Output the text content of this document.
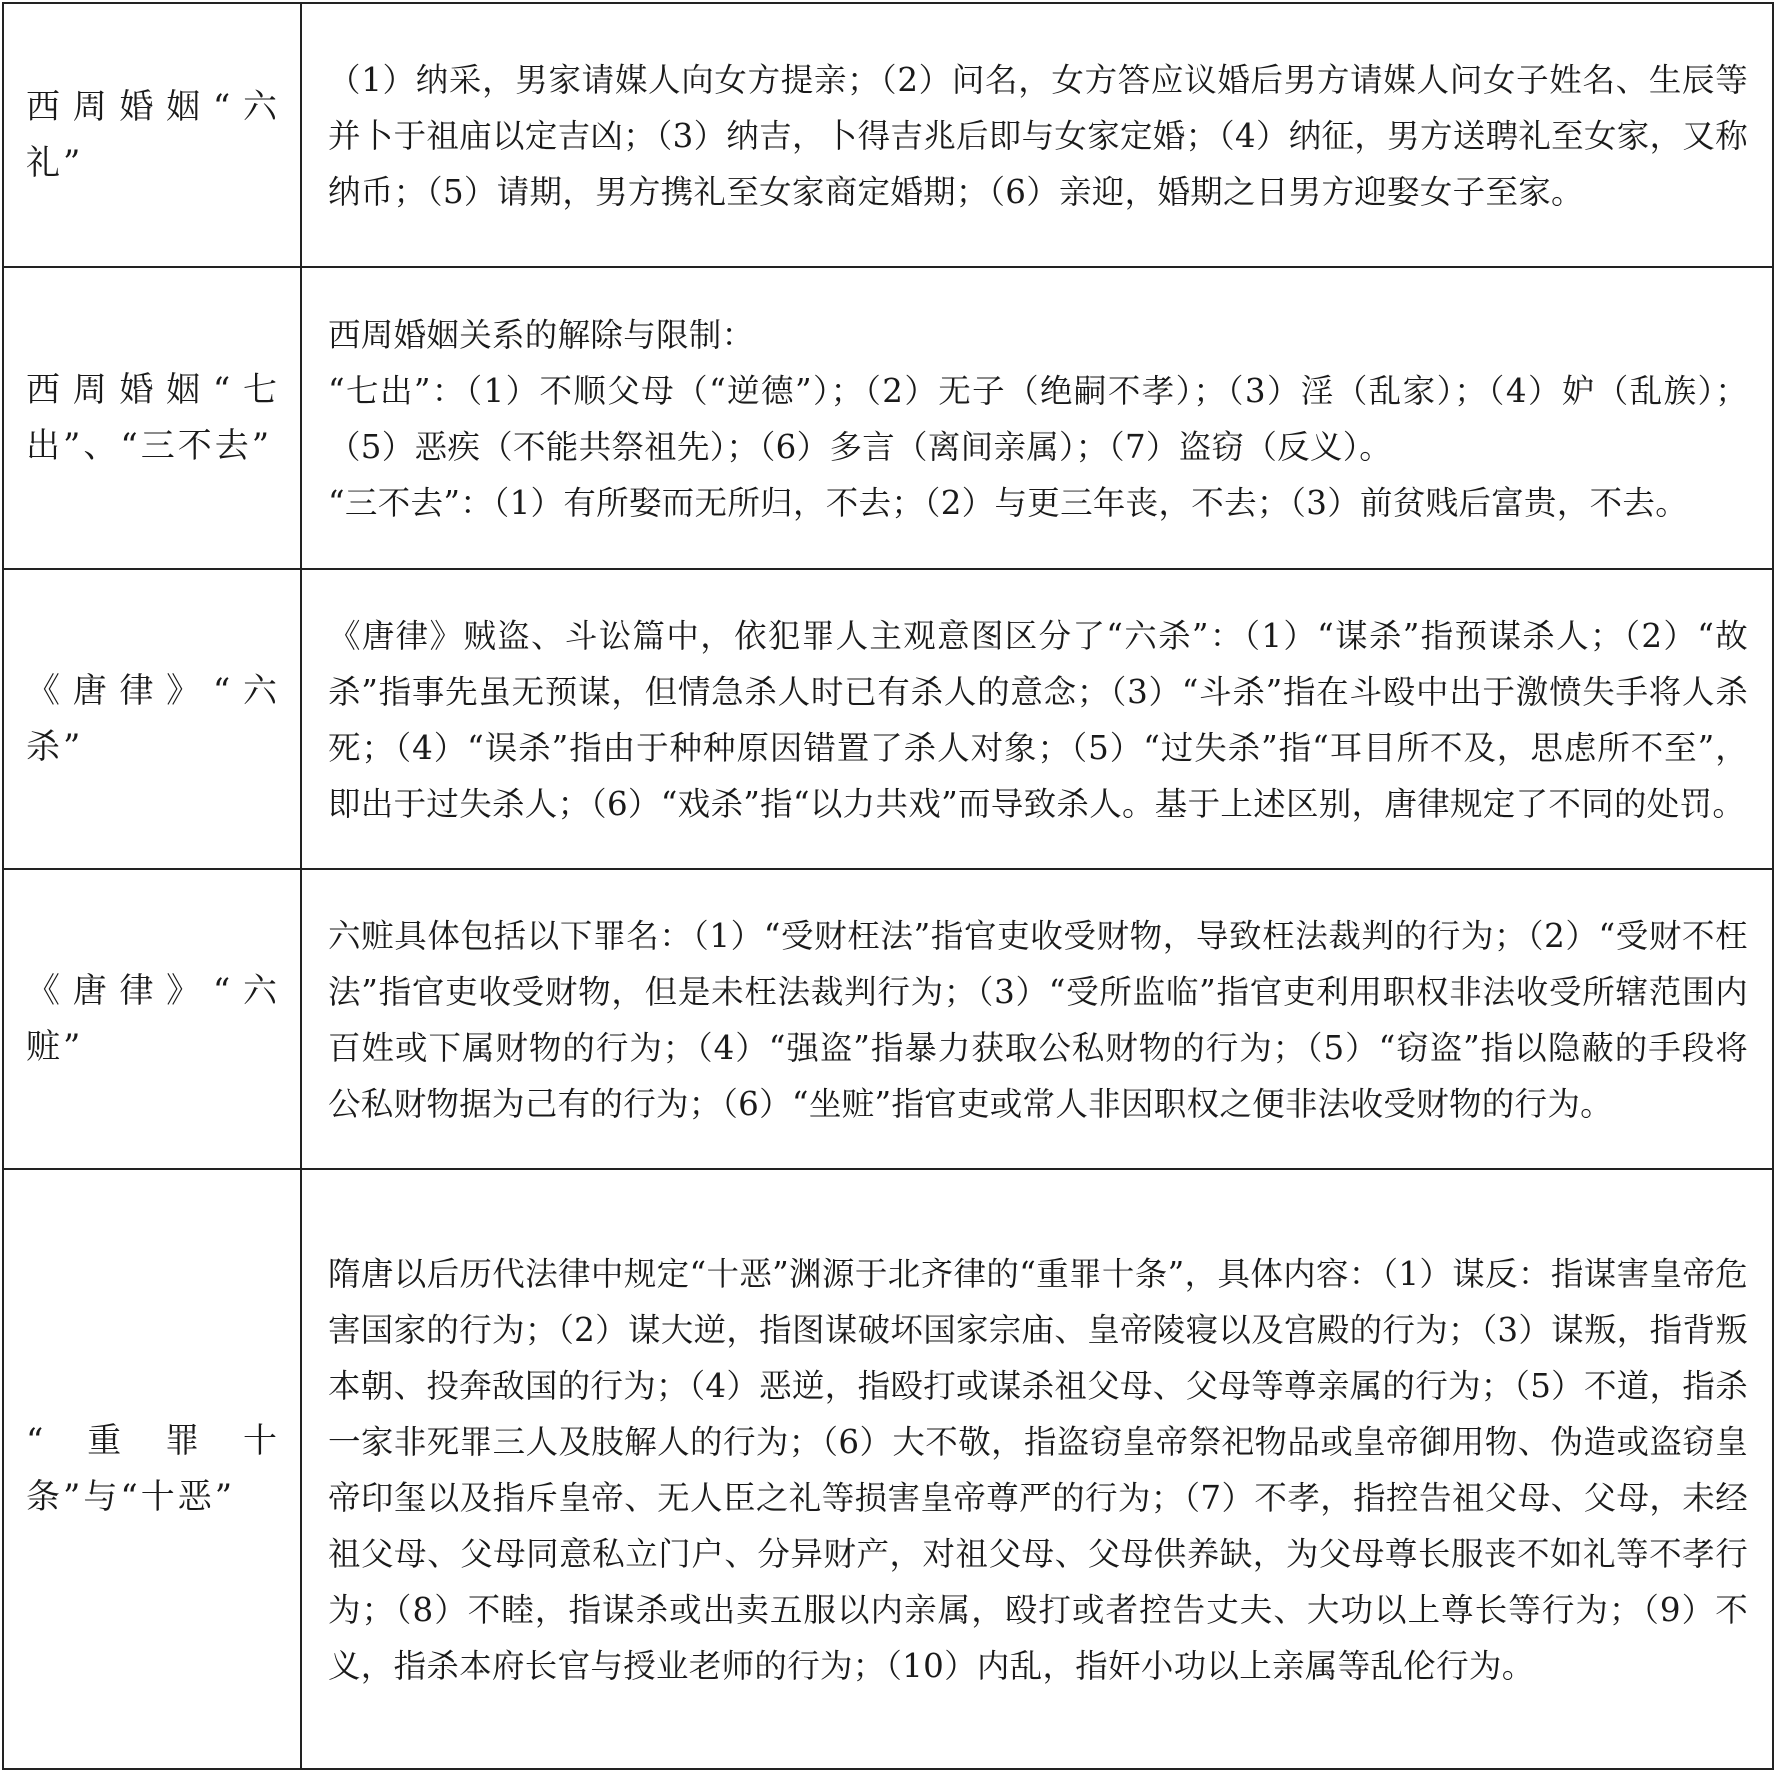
西周婚姻“六礼”	（1）纳采，男家请媒人向女方提亲；（2）问名，女方答应议婚后男方请媒人问女子姓名、生辰等并卜于祖庙以定吉凶；（3）纳吉，卜得吉兆后即与女家定婚；（4）纳征，男方送聘礼至女家，又称纳币；（5）请期，男方携礼至女家商定婚期；（6）亲迎，婚期之日男方迎娶女子至家。

西周婚姻“七出”、“三不去”	西周婚姻关系的解除与限制：
“七出”：（1）不顺父母（“逆德”）；（2）无子（绝嗣不孝）；（3）淫（乱家）；（4）妒（乱族）；（5）恶疾（不能共祭祖先）；（6）多言（离间亲属）；（7）盗窃（反义）。
“三不去”：（1）有所娶而无所归，不去；（2）与更三年丧，不去；（3）前贫贱后富贵，不去。

《唐律》“六杀”	《唐律》贼盗、斗讼篇中，依犯罪人主观意图区分了“六杀”：（1）“谋杀”指预谋杀人；（2）“故杀”指事先虽无预谋，但情急杀人时已有杀人的意念；（3）“斗杀”指在斗殴中出于激愤失手将人杀死；（4）“误杀”指由于种种原因错置了杀人对象；（5）“过失杀”指“耳目所不及，思虑所不至”，即出于过失杀人；（6）“戏杀”指“以力共戏”而导致杀人。基于上述区别，唐律规定了不同的处罚。

《唐律》“六赃”	六赃具体包括以下罪名：（1）“受财枉法”指官吏收受财物，导致枉法裁判的行为；（2）“受财不枉法”指官吏收受财物，但是未枉法裁判行为；（3）“受所监临”指官吏利用职权非法收受所辖范围内百姓或下属财物的行为；（4）“强盗”指暴力获取公私财物的行为；（5）“窃盗”指以隐蔽的手段将公私财物据为己有的行为；（6）“坐赃”指官吏或常人非因职权之便非法收受财物的行为。

“重罪十条”与“十恶”	隋唐以后历代法律中规定“十恶”渊源于北齐律的“重罪十条”，具体内容：（1）谋反：指谋害皇帝危害国家的行为；（2）谋大逆，指图谋破坏国家宗庙、皇帝陵寝以及宫殿的行为；（3）谋叛，指背叛本朝、投奔敌国的行为；（4）恶逆，指殴打或谋杀祖父母、父母等尊亲属的行为；（5）不道，指杀一家非死罪三人及肢解人的行为；（6）大不敬，指盗窃皇帝祭祀物品或皇帝御用物、伪造或盗窃皇帝印玺以及指斥皇帝、无人臣之礼等损害皇帝尊严的行为；（7）不孝，指控告祖父母、父母，未经祖父母、父母同意私立门户、分异财产，对祖父母、父母供养缺，为父母尊长服丧不如礼等不孝行为；（8）不睦，指谋杀或出卖五服以内亲属，殴打或者控告丈夫、大功以上尊长等行为；（9）不义，指杀本府长官与授业老师的行为；（10）内乱，指奸小功以上亲属等乱伦行为。
